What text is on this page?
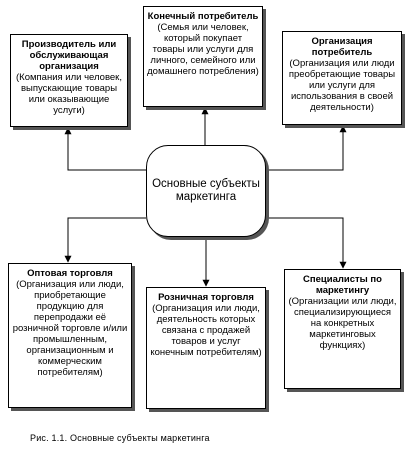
Производитель или обслуживающая организация
(Компания или человек, выпускающие товары или оказывающие услуги)
Конечный потребитель
(Семья или человек, который покупает товары или услуги для личного, семейного или домашнего потребления)
Организация потребитель
(Организация или люди преобретающие товары или услуги для использования в своей деятельности)
Основные субъекты маркетинга
Оптовая торговля
(Организация или люди, приобретающие продукцию для перепродажи её розничной торговле и/или промышленным, организационным и коммерческим потребителям)
Розничная торговля
(Организация или люди, деятельность которых связана с продажей товаров и услуг конечным потребителям)
Специалисты по маркетингу
(Организации или люди, специализирующиеся на конкретных маркетинговых функциях)
Рис. 1.1. Основные субъекты маркетинга
